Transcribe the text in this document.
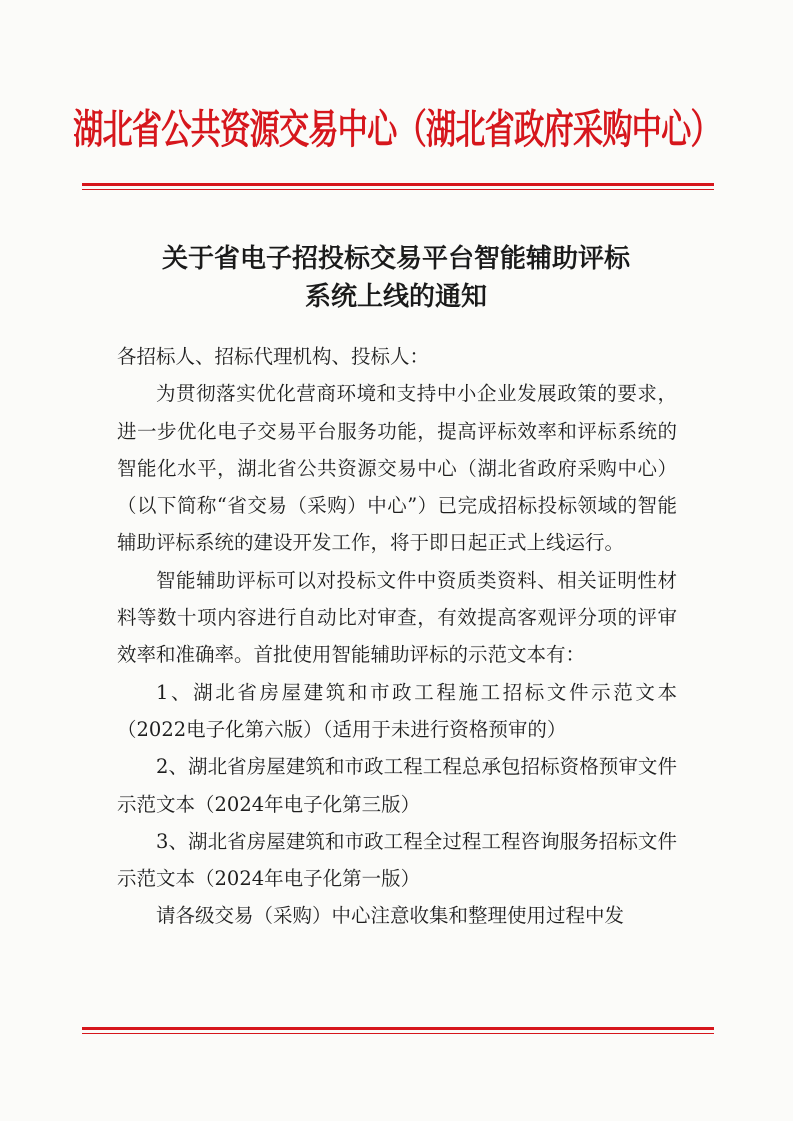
湖北省公共资源交易中心（湖北省政府采购中心）
关于省电子招投标交易平台智能辅助评标
系统上线的通知

各招标人、招标代理机构、投标人：

为贯彻落实优化营商环境和支持中小企业发展政策的要求，进一步优化电子交易平台服务功能，提高评标效率和评标系统的智能化水平，湖北省公共资源交易中心（湖北省政府采购中心）（以下简称“省交易（采购）中心”）已完成招标投标领域的智能辅助评标系统的建设开发工作，将于即日起正式上线运行。

智能辅助评标可以对投标文件中资质类资料、相关证明性材料等数十项内容进行自动比对审查，有效提高客观评分项的评审效率和准确率。首批使用智能辅助评标的示范文本有：

1、湖北省房屋建筑和市政工程施工招标文件示范文本（2022电子化第六版）（适用于未进行资格预审的）

2、湖北省房屋建筑和市政工程工程总承包招标资格预审文件示范文本（2024年电子化第三版）

3、湖北省房屋建筑和市政工程全过程工程咨询服务招标文件示范文本（2024年电子化第一版）

请各级交易（采购）中心注意收集和整理使用过程中发
